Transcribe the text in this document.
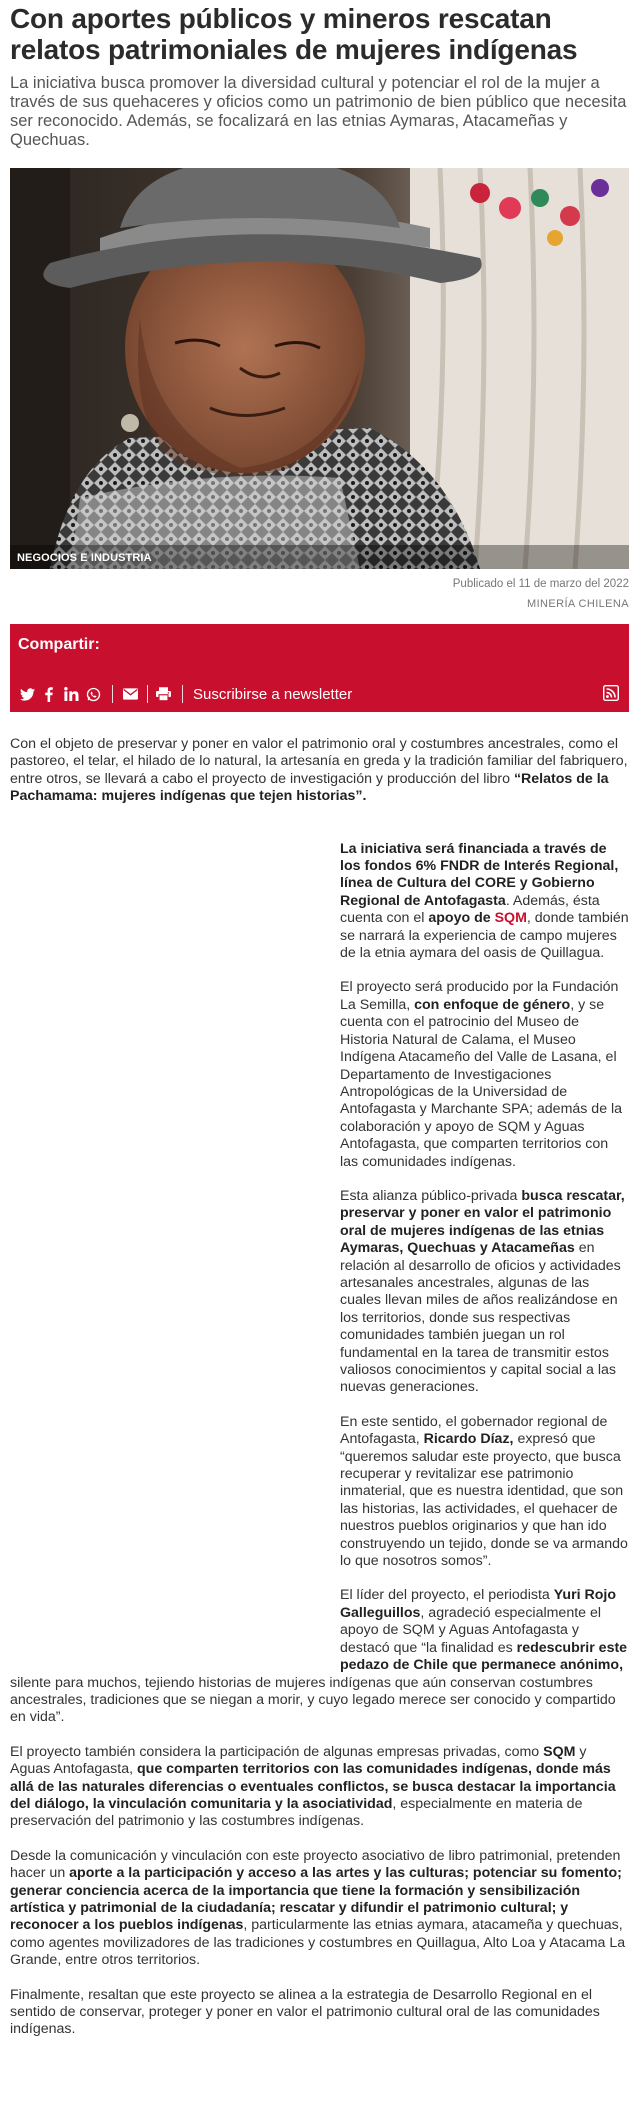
Con aportes públicos y mineros rescatan relatos patrimoniales de mujeres indígenas

La iniciativa busca promover la diversidad cultural y potenciar el rol de la mujer a través de sus quehaceres y oficios como un patrimonio de bien público que necesita ser reconocido. Además, se focalizará en las etnias Aymaras, Atacameñas y Quechuas.

NEGOCIOS E INDUSTRIA
Publicado el 11 de marzo del 2022
MINERÍA CHILENA
Compartir:
Suscribirse a newsletter

Con el objeto de preservar y poner en valor el patrimonio oral y costumbres ancestrales, como el pastoreo, el telar, el hilado de lo natural, la artesanía en greda y la tradición familiar del fabriquero, entre otros, se llevará a cabo el proyecto de investigación y producción del libro “Relatos de la Pachamama: mujeres indígenas que tejen historias”.

La iniciativa será financiada a través de los fondos 6% FNDR de Interés Regional, línea de Cultura del CORE y Gobierno Regional de Antofagasta. Además, ésta cuenta con el apoyo de SQM, donde también se narrará la experiencia de campo mujeres de la etnia aymara del oasis de Quillagua.

El proyecto será producido por la Fundación La Semilla, con enfoque de género, y se cuenta con el patrocinio del Museo de Historia Natural de Calama, el Museo Indígena Atacameño del Valle de Lasana, el Departamento de Investigaciones Antropológicas de la Universidad de Antofagasta y Marchante SPA; además de la colaboración y apoyo de SQM y Aguas Antofagasta, que comparten territorios con las comunidades indígenas.

Esta alianza público-privada busca rescatar, preservar y poner en valor el patrimonio oral de mujeres indígenas de las etnias Aymaras, Quechuas y Atacameñas en relación al desarrollo de oficios y actividades artesanales ancestrales, algunas de las cuales llevan miles de años realizándose en los territorios, donde sus respectivas comunidades también juegan un rol fundamental en la tarea de transmitir estos valiosos conocimientos y capital social a las nuevas generaciones.

En este sentido, el gobernador regional de Antofagasta, Ricardo Díaz, expresó que “queremos saludar este proyecto, que busca recuperar y revitalizar ese patrimonio inmaterial, que es nuestra identidad, que son las historias, las actividades, el quehacer de nuestros pueblos originarios y que han ido construyendo un tejido, donde se va armando lo que nosotros somos”.

El líder del proyecto, el periodista Yuri Rojo Galleguillos, agradeció especialmente el apoyo de SQM y Aguas Antofagasta y destacó que “la finalidad es redescubrir este pedazo de Chile que permanece anónimo,

silente para muchos, tejiendo historias de mujeres indígenas que aún conservan costumbres ancestrales, tradiciones que se niegan a morir, y cuyo legado merece ser conocido y compartido en vida”.

El proyecto también considera la participación de algunas empresas privadas, como SQM y Aguas Antofagasta, que comparten territorios con las comunidades indígenas, donde más allá de las naturales diferencias o eventuales conflictos, se busca destacar la importancia del diálogo, la vinculación comunitaria y la asociatividad, especialmente en materia de preservación del patrimonio y las costumbres indígenas.

Desde la comunicación y vinculación con este proyecto asociativo de libro patrimonial, pretenden hacer un aporte a la participación y acceso a las artes y las culturas; potenciar su fomento; generar conciencia acerca de la importancia que tiene la formación y sensibilización artística y patrimonial de la ciudadanía; rescatar y difundir el patrimonio cultural; y reconocer a los pueblos indígenas, particularmente las etnias aymara, atacameña y quechuas, como agentes movilizadores de las tradiciones y costumbres en Quillagua, Alto Loa y Atacama La Grande, entre otros territorios.

Finalmente, resaltan que este proyecto se alinea a la estrategia de Desarrollo Regional en el sentido de conservar, proteger y poner en valor el patrimonio cultural oral de las comunidades indígenas.
